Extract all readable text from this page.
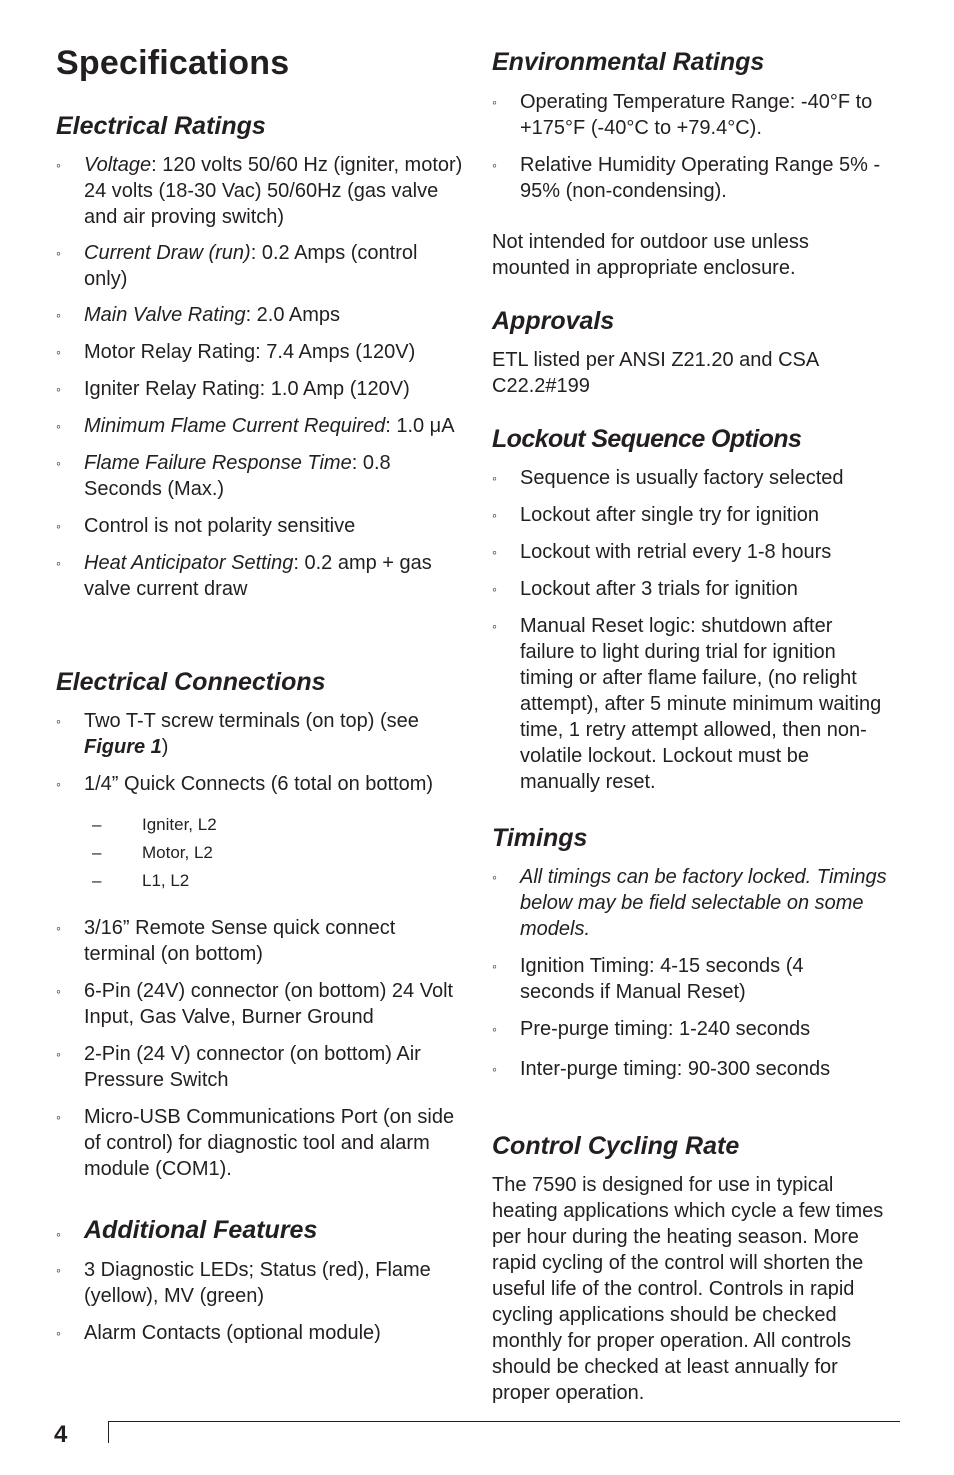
Specifications
Electrical Ratings
◦	Voltage: 120 volts 50/60 Hz (igniter, motor) 24 volts (18-30 Vac) 50/60Hz (gas valve and air proving switch)
◦	Current Draw (run): 0.2 Amps (control only)
◦	Main Valve Rating: 2.0 Amps
◦	Motor Relay Rating: 7.4 Amps (120V)
◦	Igniter Relay Rating: 1.0 Amp (120V)
◦	Minimum Flame Current Required: 1.0 μA
◦	Flame Failure Response Time: 0.8 Seconds (Max.)
◦	Control is not polarity sensitive
◦	Heat Anticipator Setting: 0.2 amp + gas valve current draw
Electrical Connections
◦	Two T-T screw terminals (on top) (see Figure 1)
◦	1/4” Quick Connects (6 total on bottom)
– Igniter, L2
– Motor, L2
– L1, L2
◦	3/16” Remote Sense quick connect terminal (on bottom)
◦	6-Pin (24V) connector (on bottom) 24 Volt Input, Gas Valve, Burner Ground
◦	2-Pin (24 V) connector (on bottom) Air Pressure Switch
◦	Micro-USB Communications Port (on side of control) for diagnostic tool and alarm module (COM1).
◦ Additional Features
◦	3 Diagnostic LEDs; Status (red), Flame (yellow), MV (green)
◦	Alarm Contacts (optional module)
Environmental Ratings
◦	Operating Temperature Range: -40°F to +175°F (-40°C to +79.4°C).
◦	Relative Humidity Operating Range 5% - 95% (non-condensing).

Not intended for outdoor use unless mounted in appropriate enclosure.

Approvals

ETL listed per ANSI Z21.20 and CSA C22.2#199

Lockout Sequence Options
◦	Sequence is usually factory selected
◦	Lockout after single try for ignition
◦	Lockout with retrial every 1-8 hours
◦	Lockout after 3 trials for ignition
◦	Manual Reset logic: shutdown after failure to light during trial for ignition timing or after flame failure, (no relight attempt), after 5 minute minimum waiting time, 1 retry attempt allowed, then non-volatile lockout. Lockout must be manually reset.
Timings
◦	All timings can be factory locked. Timings below may be field selectable on some models.
◦	Ignition Timing: 4-15 seconds (4 seconds if Manual Reset)
◦	Pre-purge timing: 1-240 seconds
◦	Inter-purge timing: 90-300 seconds
Control Cycling Rate

The 7590 is designed for use in typical heating applications which cycle a few times per hour during the heating season. More rapid cycling of the control will shorten the useful life of the control. Controls in rapid cycling applications should be checked monthly for proper operation. All controls should be checked at least annually for proper operation.

4
